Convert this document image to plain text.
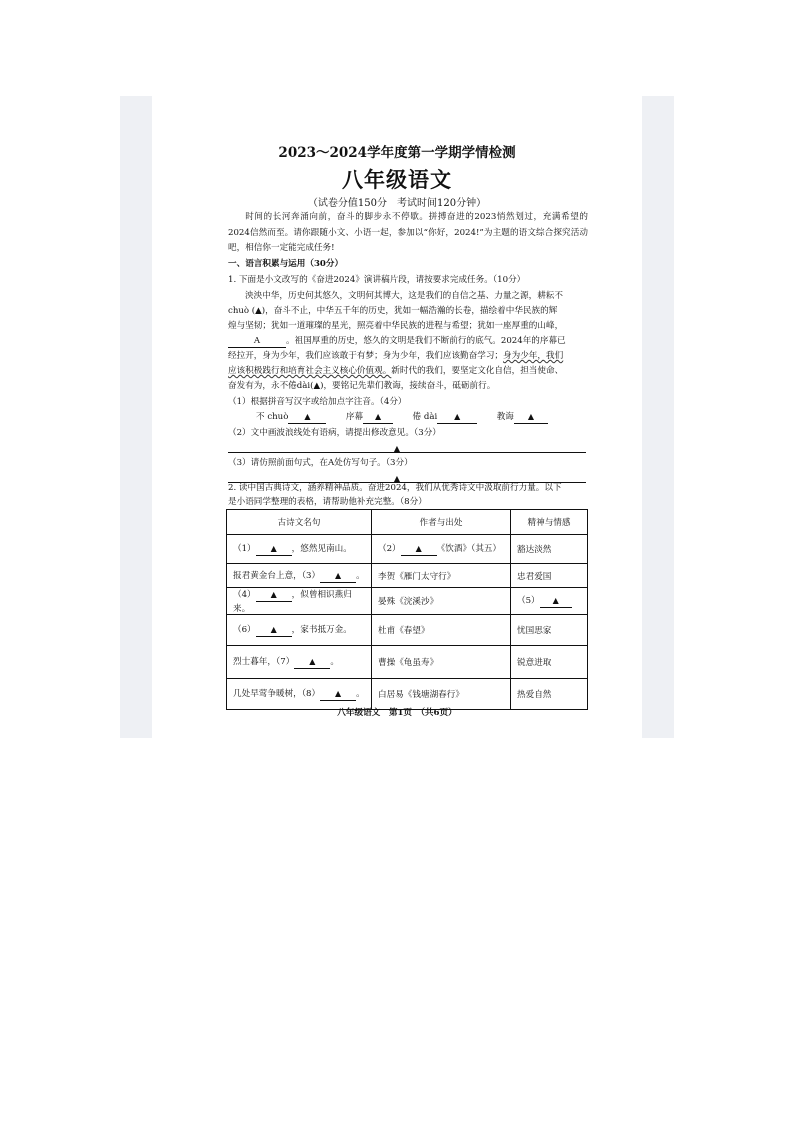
2023～2024学年度第一学期学情检测
八年级语文
（试卷分值150分　考试时间120分钟）
时间的长河奔涌向前，奋斗的脚步永不停歇。拼搏奋进的2023悄然划过，充满希望的2024信然而至。请你跟随小文、小语一起，参加以“你好，2024!”为主题的语文综合探究活动吧，相信你一定能完成任务!
一、语言积累与运用（30分）
1. 下面是小文改写的《奋进2024》演讲稿片段，请按要求完成任务。（10分）
泱泱中华，历史何其悠久，文明何其博大，这是我们的自信之基、力量之源，耕耘不
chuò (▲)，奋斗不止，中华五千年的历史，犹如一幅浩瀚的长卷，描绘着中华民族的辉
煌与坚韧；犹如一道璀璨的星光，照亮着中华民族的进程与希望；犹如一座厚重的山峰，
A	。祖国厚重的历史，悠久的文明是我们不断前行的底气。2024年的序幕已
经拉开，身为少年，我们应该敢于有梦；身为少年，我们应该勤奋学习；身为少年，我们
应该积极践行和培育社会主义核心价值观。新时代的我们，要坚定文化自信，担当使命、
奋发有为，永不倦dài(▲)，要铭记先辈们教诲，接续奋斗，砥砺前行。
（1）根据拼音写汉字或给加点字注音。（4分）
不 chuò ▲	序幕 ▲	倦 dài ▲	教诲 ▲
（2）文中画波浪线处有语病，请提出修改意见。（3分）
▲
（3）请仿照前面句式，在A处仿写句子。（3分）
▲
2. 读中国古典诗文，涵养精神品质。奋进2024，我们从优秀诗文中汲取前行力量。以下
是小语同学整理的表格，请帮助他补充完整。（8分）
古诗文名句	作者与出处	精神与情感
（1） ▲ ，悠然见南山。	（2） ▲ 《饮酒》（其五）	豁达淡然
报君黄金台上意，（3） ▲ 。	李贺《雁门太守行》	忠君爱国
（4） ▲ ，似曾相识燕归来。	晏殊《浣溪沙》	（5） ▲
（6） ▲ ，家书抵万金。	杜甫《春望》	忧国思家
烈士暮年，（7） ▲ 。	曹操《龟虽寿》	锐意进取
几处早莺争暖树，（8） ▲ 。	白居易《钱塘湖春行》	热爱自然
八年级语文　第1页　（共6页）
